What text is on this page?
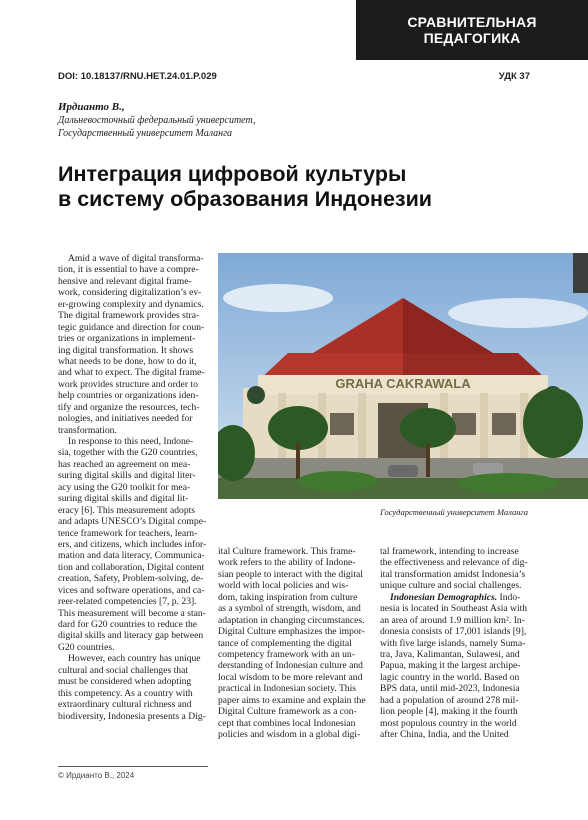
СРАВНИТЕЛЬНАЯ
ПЕДАГОГИКА
DOI: 10.18137/RNU.HET.24.01.P.029	УДК 37
Ирдианто В.,
Дальневосточный федеральный университет,
Государственный университет Маланга
Интеграция цифровой культуры
в систему образования Индонезии
Amid a wave of digital transforma-
tion, it is essential to have a compre-
hensive and relevant digital frame-
work, considering digitalization’s ev-
er-growing complexity and dynamics.
The digital framework provides stra-
tegic guidance and direction for coun-
tries or organizations in implement-
ing digital transformation. It shows
what needs to be done, how to do it,
and what to expect. The digital frame-
work provides structure and order to
help countries or organizations iden-
tify and organize the resources, tech-
nologies, and initiatives needed for
transformation.
In response to this need, Indone-
sia, together with the G20 countries,
has reached an agreement on mea-
suring digital skills and digital liter-
acy using the G20 toolkit for mea-
suring digital skills and digital lit-
eracy [6]. This measurement adopts
and adapts UNESCO’s Digital compe-
tence framework for teachers, learn-
ers, and citizens, which includes infor-
mation and data literacy, Communica-
tion and collaboration, Digital content
creation, Safety, Problem-solving, de-
vices and software operations, and ca-
reer-related competencies [7, p. 23].
This measurement will become a stan-
dard for G20 countries to reduce the
digital skills and literacy gap between
G20 countries.
However, each country has unique
cultural and social challenges that
must be considered when adopting
this competency. As a country with
extraordinary cultural richness and
biodiversity, Indonesia presents a Dig-
GRAHA CAKRAWALA
Государственный университет Маланга
ital Culture framework. This frame-
work refers to the ability of Indone-
sian people to interact with the digital
world with local policies and wis-
dom, taking inspiration from culture
as a symbol of strength, wisdom, and
adaptation in changing circumstances.
Digital Culture emphasizes the impor-
tance of complementing the digital
competency framework with an un-
derstanding of Indonesian culture and
local wisdom to be more relevant and
practical in Indonesian society. This
paper aims to examine and explain the
Digital Culture framework as a con-
cept that combines local Indonesian
policies and wisdom in a global digi-
tal framework, intending to increase
the effectiveness and relevance of dig-
ital transformation amidst Indonesia’s
unique culture and social challenges.
Indonesian Demographics. Indo-
nesia is located in Southeast Asia with
an area of around 1.9 million km². In-
donesia consists of 17,001 islands [9],
with five large islands, namely Suma-
tra, Java, Kalimantan, Sulawesi, and
Papua, making it the largest archipe-
lagic country in the world. Based on
BPS data, until mid-2023, Indonesia
had a population of around 278 mil-
lion people [4], making it the fourth
most populous country in the world
after China, India, and the United
© Ирдианто В., 2024
